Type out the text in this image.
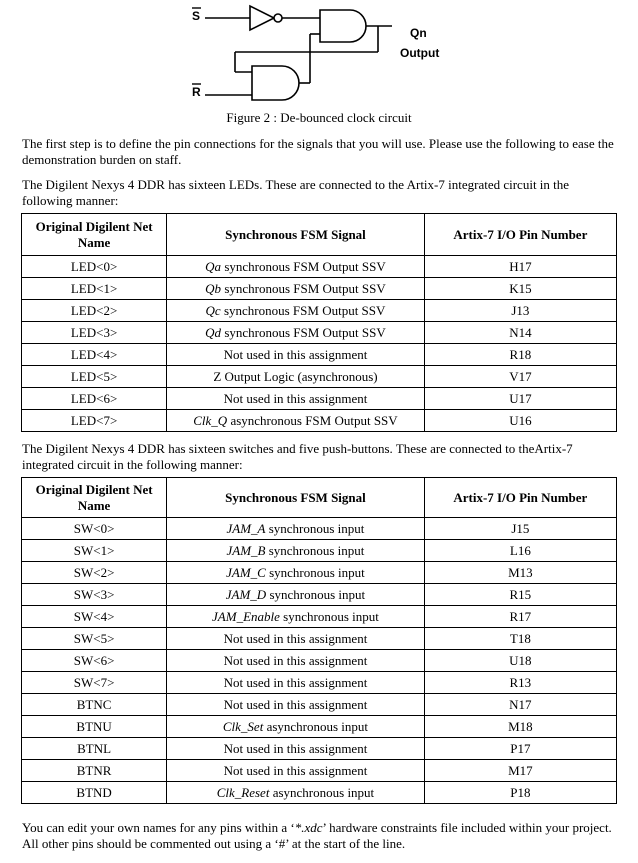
S
R
Qn
Output
Figure 2 : De-bounced clock circuit
The first step is to define the pin connections for the signals that you will use. Please use the following to ease the demonstration burden on staff.
The Digilent Nexys 4 DDR has sixteen LEDs. These are connected to the Artix-7 integrated circuit in the following manner:
Original Digilent Net Name	Synchronous FSM Signal	Artix-7 I/O Pin Number
LED<0>	Qa synchronous FSM Output SSV	H17
LED<1>	Qb synchronous FSM Output SSV	K15
LED<2>	Qc synchronous FSM Output SSV	J13
LED<3>	Qd synchronous FSM Output SSV	N14
LED<4>	Not used in this assignment	R18
LED<5>	Z Output Logic (asynchronous)	V17
LED<6>	Not used in this assignment	U17
LED<7>	Clk_Q asynchronous FSM Output SSV	U16
The Digilent Nexys 4 DDR has sixteen switches and five push-buttons. These are connected to theArtix-7 integrated circuit in the following manner:
Original Digilent Net Name	Synchronous FSM Signal	Artix-7 I/O Pin Number
SW<0>	JAM_A synchronous input	J15
SW<1>	JAM_B synchronous input	L16
SW<2>	JAM_C synchronous input	M13
SW<3>	JAM_D synchronous input	R15
SW<4>	JAM_Enable synchronous input	R17
SW<5>	Not used in this assignment	T18
SW<6>	Not used in this assignment	U18
SW<7>	Not used in this assignment	R13
BTNC	Not used in this assignment	N17
BTNU	Clk_Set asynchronous input	M18
BTNL	Not used in this assignment	P17
BTNR	Not used in this assignment	M17
BTND	Clk_Reset asynchronous input	P18
You can edit your own names for any pins within a ‘*.xdc’ hardware constraints file included within your project. All other pins should be commented out using a ‘#’ at the start of the line.
